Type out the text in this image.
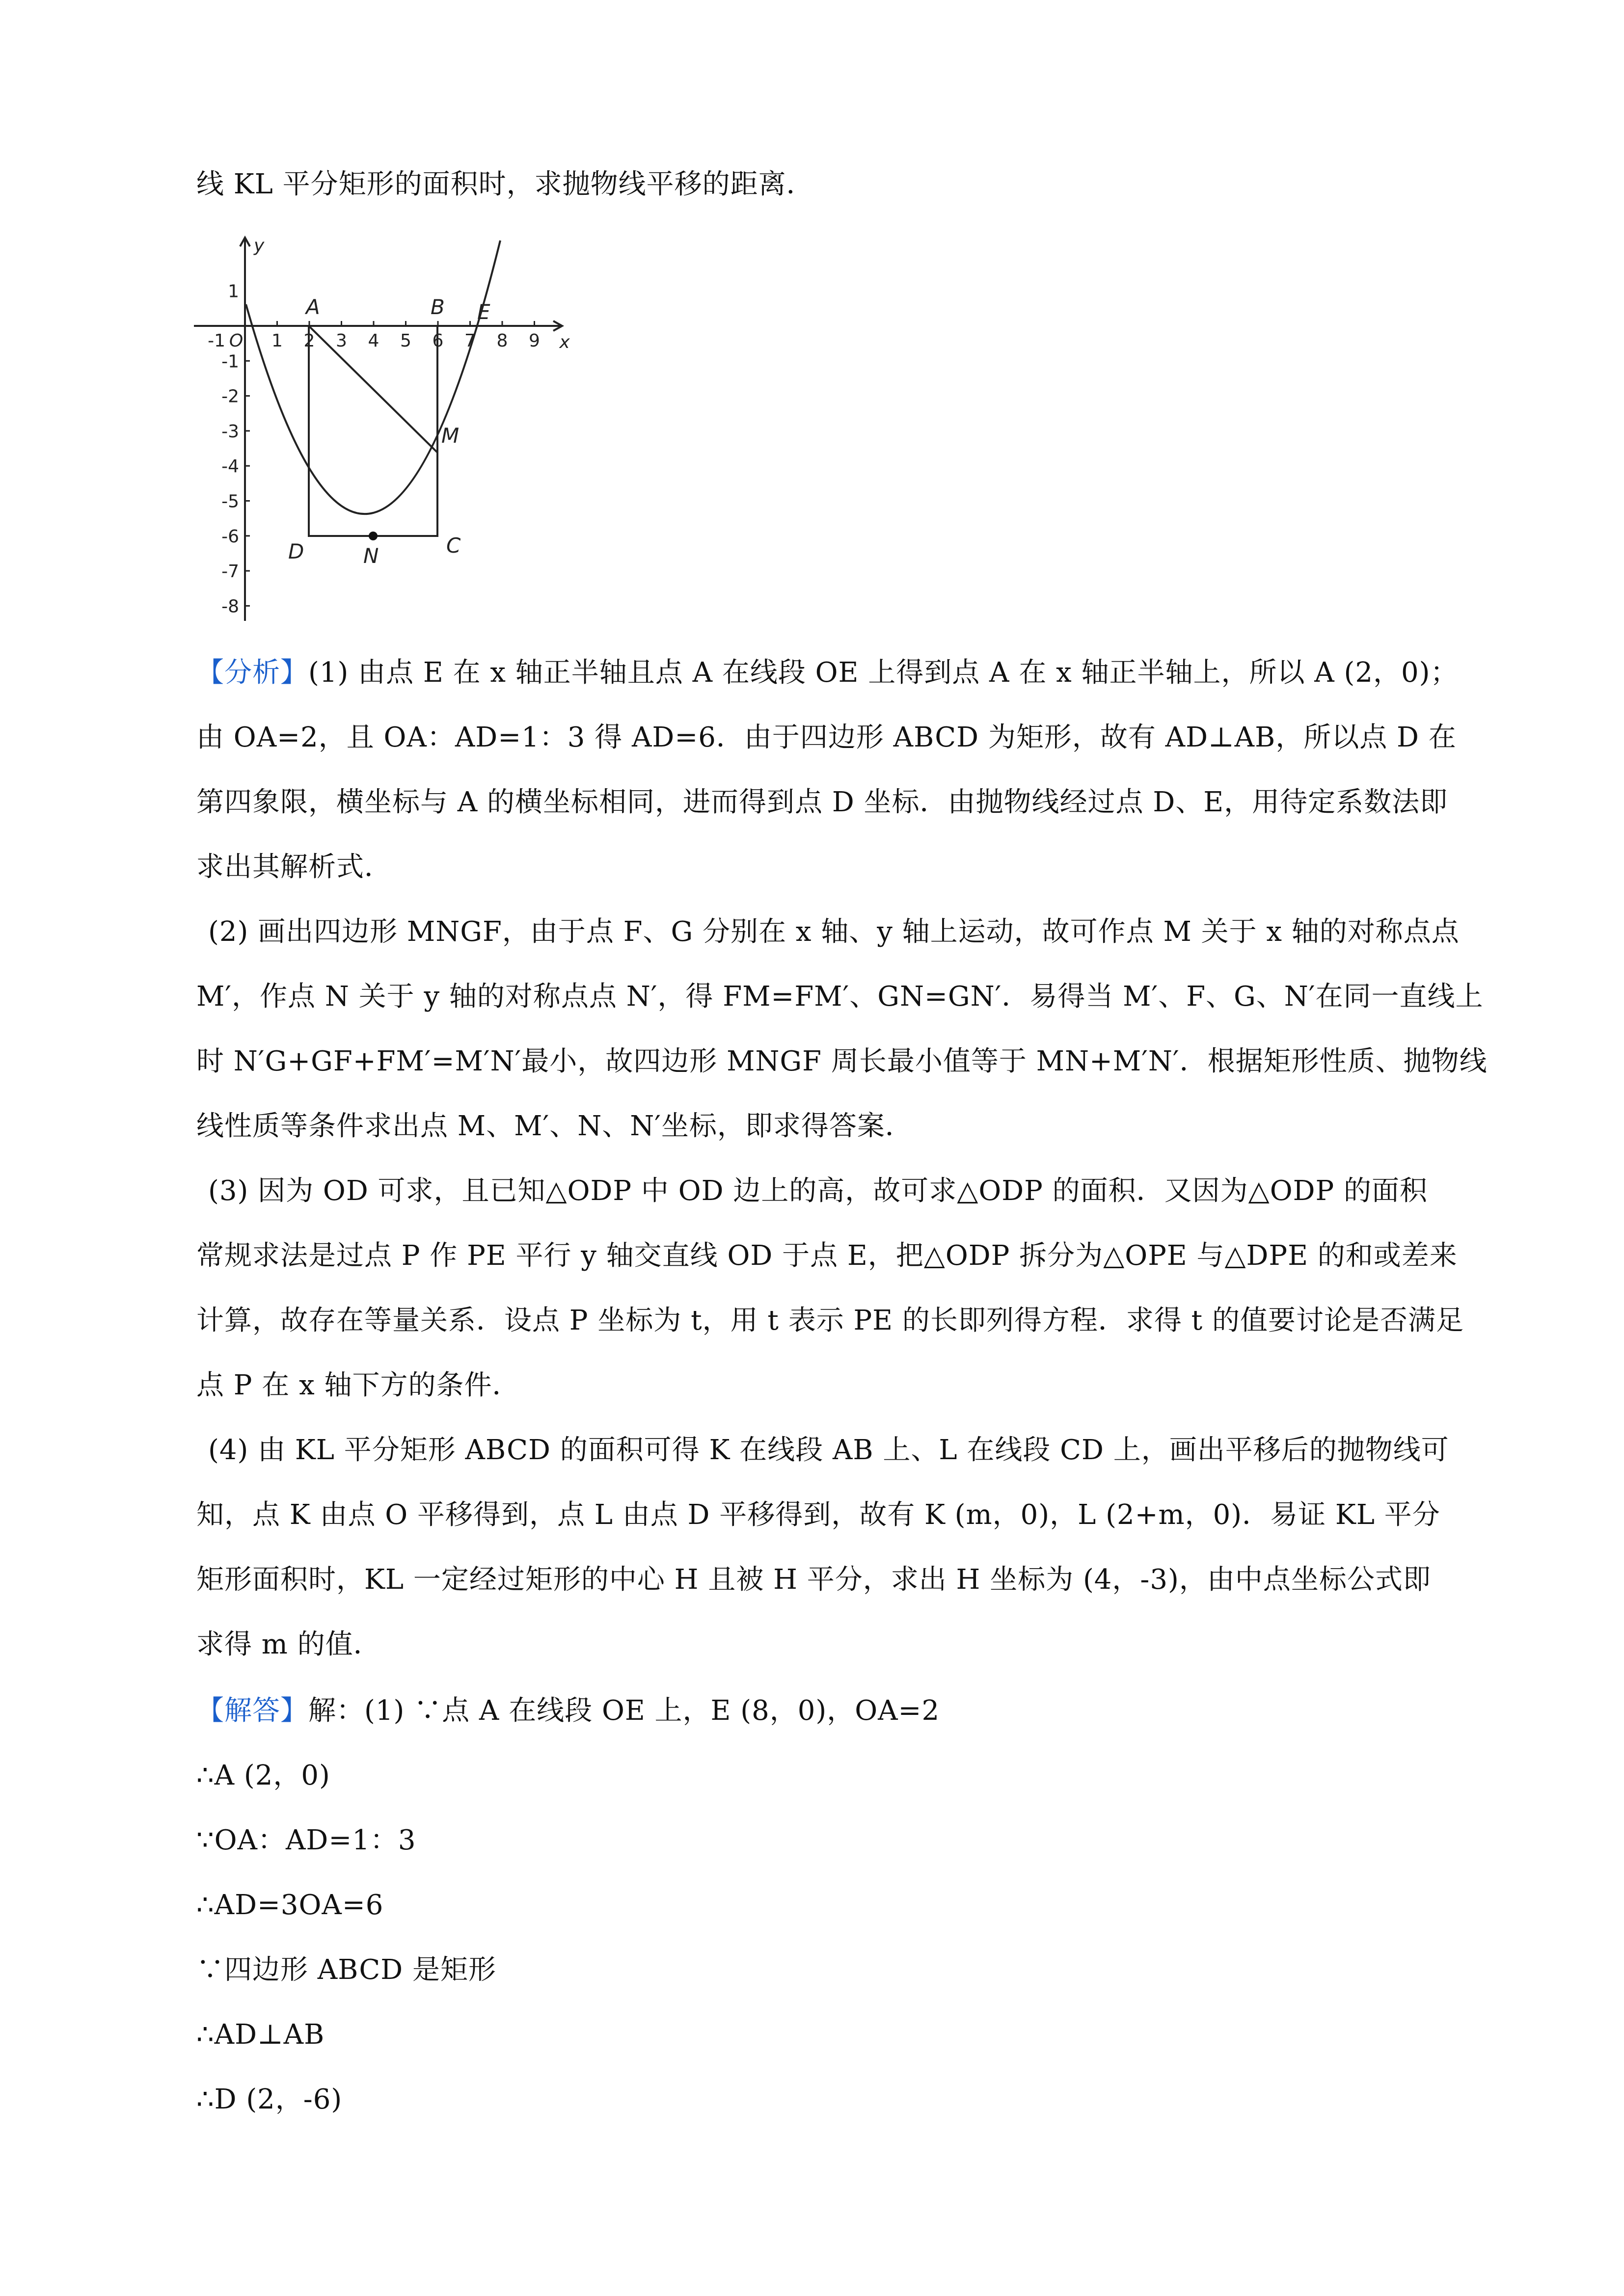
线 KL 平分矩形的面积时，求抛物线平移的距离．
1 2 3 4 5 6 7 8 9
-1
-2
-3
-4
-5
-6
-7
-8
-1 O
1
y
x
A	B E
M
D	N	C
【分析】(1) 由点 E 在 x 轴正半轴且点 A 在线段 OE 上得到点 A 在 x 轴正半轴上，所以 A (2，0)；
由 OA=2，且 OA：AD=1：3 得 AD=6．由于四边形 ABCD 为矩形，故有 AD⊥AB，所以点 D 在
第四象限，横坐标与 A 的横坐标相同，进而得到点 D 坐标．由抛物线经过点 D、E，用待定系数法即
求出其解析式．
(2) 画出四边形 MNGF，由于点 F、G 分别在 x 轴、y 轴上运动，故可作点 M 关于 x 轴的对称点点
M′，作点 N 关于 y 轴的对称点点 N′，得 FM=FM′、GN=GN′．易得当 M′、F、G、N′在同一直线上
时 N′G+GF+FM′=M′N′最小，故四边形 MNGF 周长最小值等于 MN+M′N′．根据矩形性质、抛物线
线性质等条件求出点 M、M′、N、N′坐标，即求得答案．
(3) 因为 OD 可求，且已知△ODP 中 OD 边上的高，故可求△ODP 的面积．又因为△ODP 的面积
常规求法是过点 P 作 PE 平行 y 轴交直线 OD 于点 E，把△ODP 拆分为△OPE 与△DPE 的和或差来
计算，故存在等量关系．设点 P 坐标为 t，用 t 表示 PE 的长即列得方程．求得 t 的值要讨论是否满足
点 P 在 x 轴下方的条件．
(4) 由 KL 平分矩形 ABCD 的面积可得 K 在线段 AB 上、L 在线段 CD 上，画出平移后的抛物线可
知，点 K 由点 O 平移得到，点 L 由点 D 平移得到，故有 K (m，0)，L (2+m，0)．易证 KL 平分
矩形面积时，KL 一定经过矩形的中心 H 且被 H 平分，求出 H 坐标为 (4，-3)，由中点坐标公式即
求得 m 的值．
【解答】解：(1) ∵点 A 在线段 OE 上，E (8，0)，OA=2
∴A (2，0)
∵OA：AD=1：3
∴AD=3OA=6
∵四边形 ABCD 是矩形
∴AD⊥AB
∴D (2，-6)
